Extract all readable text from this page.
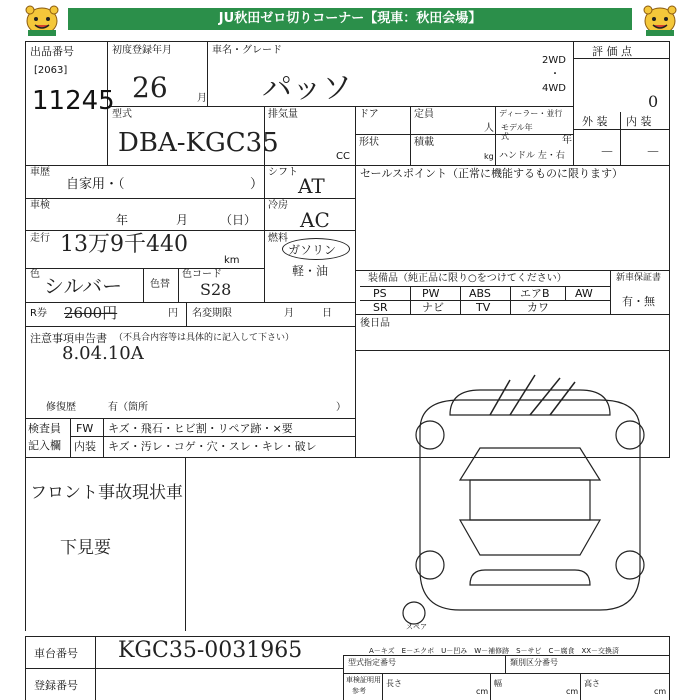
JU秋田ゼロ切りコーナー【現車：秋田会場】
出品番号
[2063]
11245
初度登録年月
26	月
車名・グレード
パッソ
2WD
・
4WD
評 価 点
0
外 装 内 装
－ －
型式
DBA-KGC35
排気量
CC
ドア	定員
人
形状	積載
kg
ディーラー・並行
モデル年式	年
ハンドル 左・右
車歴
自家用・（	）
シフト
AT
セールスポイント（正常に機能するものに限ります）
車検
年	月	（日）
冷房
AC
走行 13万9千440
km
燃料
ガソリン
軽・油
色 シルバー	色替
色コード
S28
装備品（純正品に限り○をつけてください）	新車保証書
有・無
PS	PW	ABS	エアB AW
SR	ナビ	TV	カワ
R券 2600円	円 名変期限	月	日
後日品
注意事項申告書 （不具合内容等は具体的に記入して下さい）
8.04.10A
修復歴	有（箇所	）
検査員
記入欄
FW キズ・飛石・ヒビ割・リペア跡・×要
内装 キズ・汚レ・コゲ・穴・スレ・キレ・破レ
フロント事故現状車
下見要
スペア
A－キズ　E－エクボ　U－凹み　W－補修跡　S－サビ　C－腐食　XX－交換済
車台番号 KGC35-0031965
登録番号
型式指定番号	類別区分番号
車検証明用
参考
長さ
cm
幅
cm
高さ
cm
